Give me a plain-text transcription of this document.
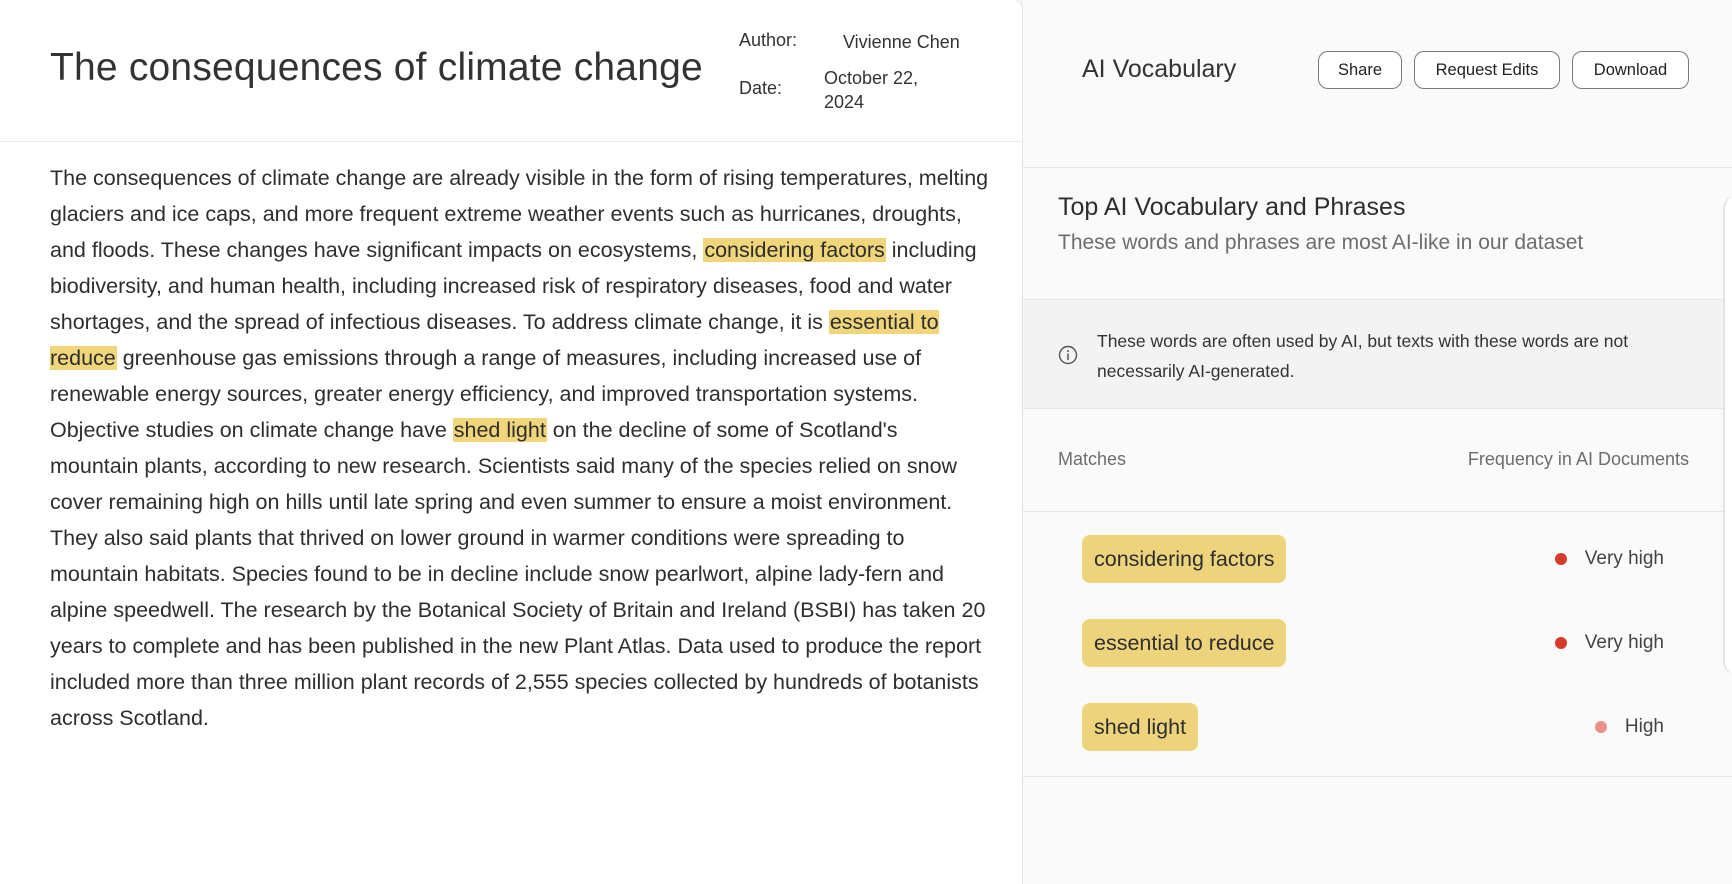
The consequences of climate change
Author:	Vivienne Chen
Date: October 22,
2024

The consequences of climate change are already visible in the form of rising temperatures, melting glaciers and ice caps, and more frequent extreme weather events such as hurricanes, droughts, and floods. These changes have significant impacts on ecosystems, considering factors including biodiversity, and human health, including increased risk of respiratory diseases, food and water shortages, and the spread of infectious diseases. To address climate change, it is essential to reduce greenhouse gas emissions through a range of measures, including increased use of renewable energy sources, greater energy efficiency, and improved transportation systems. Objective studies on climate change have shed light on the decline of some of Scotland's mountain plants, according to new research. Scientists said many of the species relied on snow cover remaining high on hills until late spring and even summer to ensure a moist environment. They also said plants that thrived on lower ground in warmer conditions were spreading to mountain habitats. Species found to be in decline include snow pearlwort, alpine lady-fern and alpine speedwell. The research by the Botanical Society of Britain and Ireland (BSBI) has taken 20 years to complete and has been published in the new Plant Atlas. Data used to produce the report included more than three million plant records of 2,555 species collected by hundreds of botanists across Scotland.

AI Vocabulary	Share	Request Edits	Download
Top AI Vocabulary and Phrases
These words and phrases are most AI-like in our dataset
These words are often used by AI, but texts with these words are not necessarily AI-generated.
Matches	Frequency in AI Documents
considering factors	Very high
essential to reduce	Very high
shed light	High
